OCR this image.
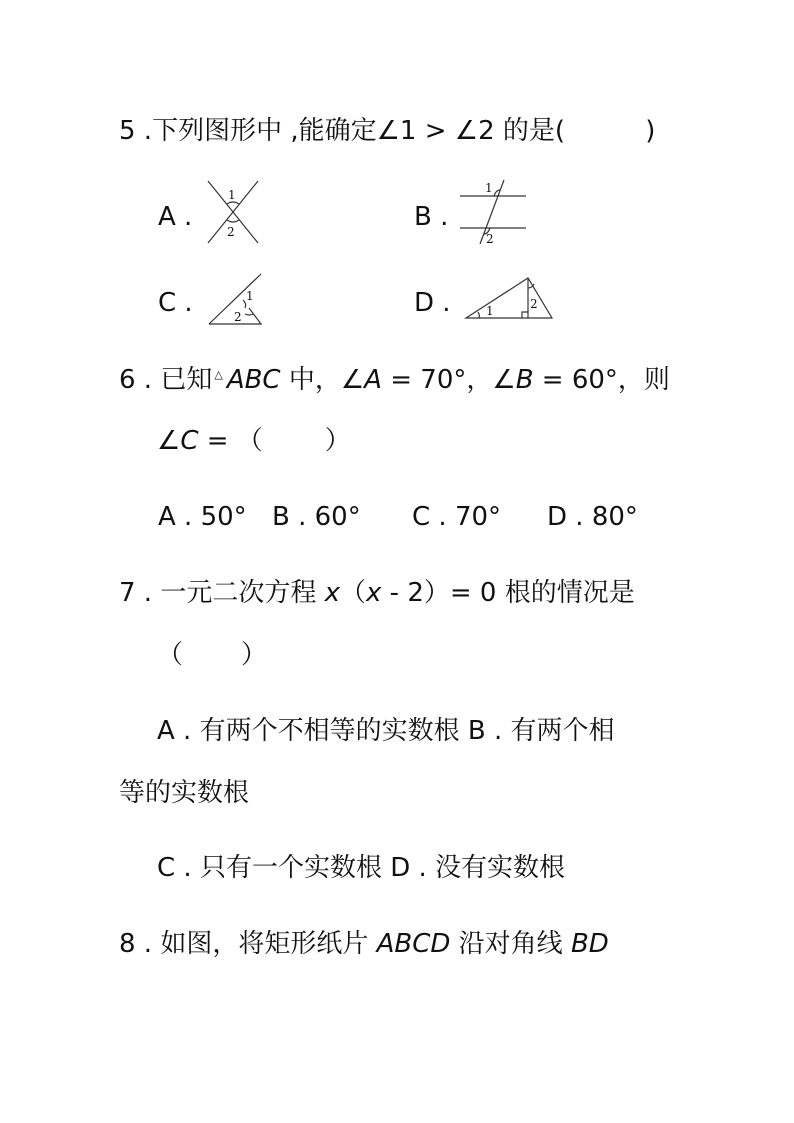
5 .下列图形中 ,能确定∠1 > ∠2 的是(	)
A .
1
2	B .
1
2
C .	1
2	D .	1	2
6 . 已知 △ ABC 中，∠A = 70°，∠B = 60°，则
∠C = （ ）
A . 50° B . 60° C . 70° D . 80°
7 . 一元二次方程 x（x - 2）= 0 根的情况是
（ ）
A . 有两个不相等的实数根 B . 有两个相
等的实数根
C . 只有一个实数根 D . 没有实数根
8 . 如图，将矩形纸片 ABCD 沿对角线 BD
